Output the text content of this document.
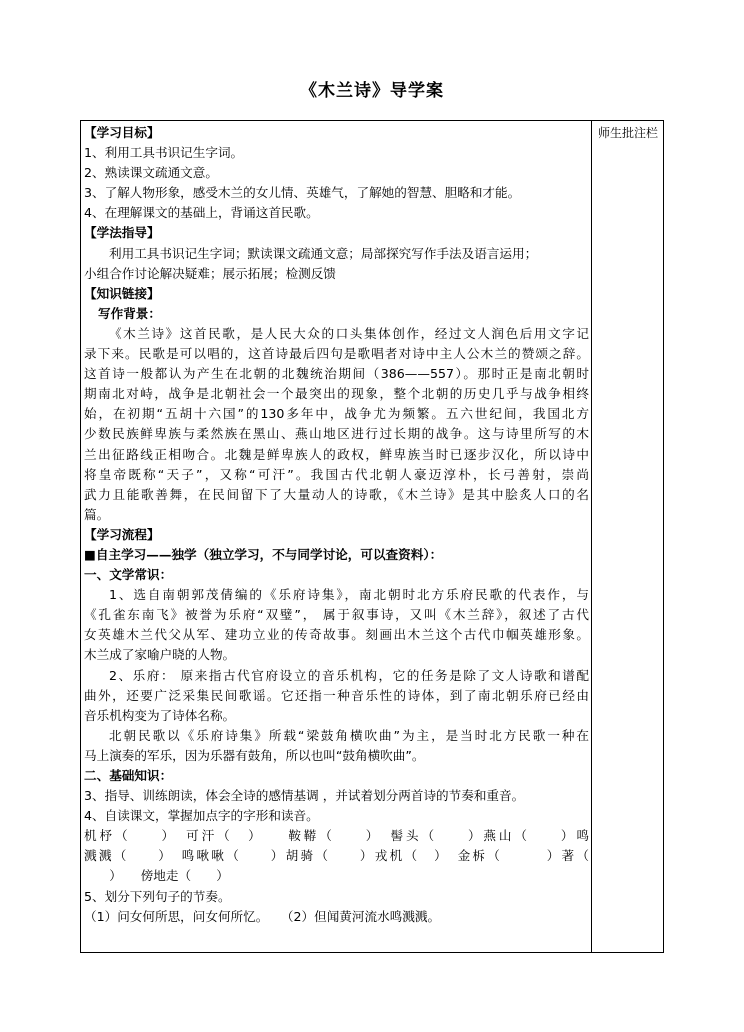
《木兰诗》导学案
师生批注栏
【学习目标】
1、利用工具书识记生字词。
2、熟读课文疏通文意。
3、了解人物形象，感受木兰的女儿情、英雄气，了解她的智慧、胆略和才能。
4、在理解课文的基础上，背诵这首民歌。
【学法指导】
利用工具书识记生字词；默读课文疏通文意；局部探究写作手法及语言运用；
小组合作讨论解决疑难；展示拓展；检测反馈
【知识链接】
写作背景：
《木兰诗》这首民歌，是人民大众的口头集体创作，经过文人润色后用文字记
录下来。民歌是可以唱的，这首诗最后四句是歌唱者对诗中主人公木兰的赞颂之辞。
这首诗一般都认为产生在北朝的北魏统治期间（386——557）。那时正是南北朝时
期南北对峙，战争是北朝社会一个最突出的现象，整个北朝的历史几乎与战争相终
始，在初期“五胡十六国”的130多年中，战争尤为频繁。五六世纪间，我国北方
少数民族鲜卑族与柔然族在黑山、燕山地区进行过长期的战争。这与诗里所写的木
兰出征路线正相吻合。北魏是鲜卑族人的政权，鲜卑族当时已逐步汉化，所以诗中
将皇帝既称“天子”，又称“可汗”。我国古代北朝人豪迈淳朴，长弓善射，崇尚
武力且能歌善舞，在民间留下了大量动人的诗歌，《木兰诗》是其中脍炙人口的名
篇。
【学习流程】
■自主学习——独学（独立学习，不与同学讨论，可以查资料）：
一、文学常识：
1、选自南朝郭茂倩编的《乐府诗集》，南北朝时北方乐府民歌的代表作，与
《孔雀东南飞》被誉为乐府“双璧”， 属于叙事诗，又叫《木兰辞》，叙述了古代
女英雄木兰代父从军、建功立业的传奇故事。刻画出木兰这个古代巾帼英雄形象。
木兰成了家喻户晓的人物。
2、乐府： 原来指古代官府设立的音乐机构，它的任务是除了文人诗歌和谱配
曲外，还要广泛采集民间歌谣。它还指一种音乐性的诗体，到了南北朝乐府已经由
音乐机构变为了诗体名称。
北朝民歌以《乐府诗集》所载“梁鼓角横吹曲”为主，是当时北方民歌一种在
马上演奏的军乐，因为乐器有鼓角，所以也叫“鼓角横吹曲”。
二、基础知识：
3、指导、训练朗读，体会全诗的感情基调 ，并试着划分两首诗的节奏和重音。
4、自读课文，掌握加点字的字形和读音。
机杼（　　）　可汗（　）　　鞍鞯（　　）　髻头（　　）燕山（　　）鸣
溅溅（　　）　鸣啾啾（　　）胡骑（　　）戎机（　）　金柝（　　　）著（
　　）　　傍地走（　　）
5、划分下列句子的节奏。
（1）问女何所思，问女何所忆。　　（2）但闻黄河流水鸣溅溅。
